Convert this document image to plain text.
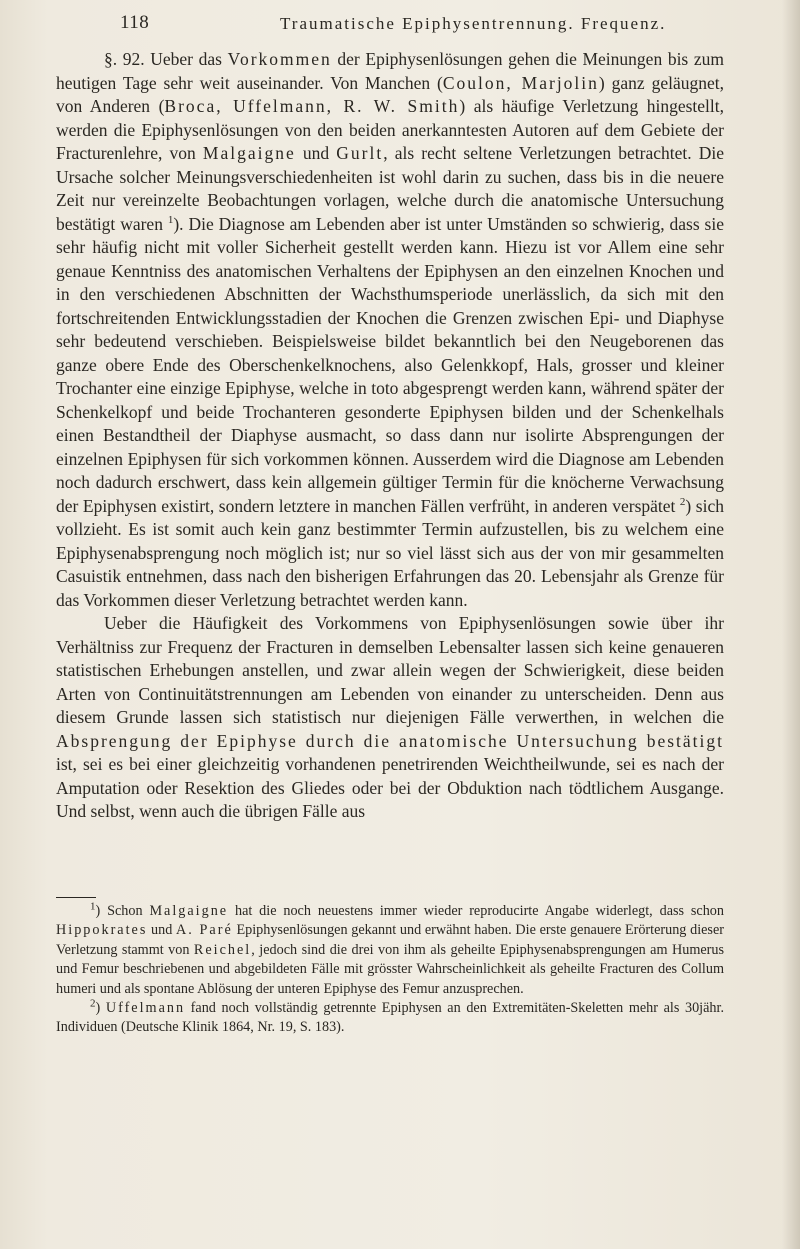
118	Traumatische Epiphysentrennung. Frequenz.

§. 92. Ueber das Vorkommen der Epiphysenlösungen gehen die Meinungen bis zum heutigen Tage sehr weit auseinander. Von Manchen (Coulon, Marjolin) ganz geläugnet, von Anderen (Broca, Uffelmann, R. W. Smith) als häufige Verletzung hingestellt, werden die Epiphysenlösungen von den beiden anerkanntesten Autoren auf dem Gebiete der Fracturenlehre, von Malgaigne und Gurlt, als recht seltene Verletzungen betrachtet. Die Ursache solcher Meinungsverschiedenheiten ist wohl darin zu suchen, dass bis in die neuere Zeit nur vereinzelte Beobachtungen vorlagen, welche durch die anatomische Untersuchung bestätigt waren $^1$). Die Diagnose am Lebenden aber ist unter Umständen so schwierig, dass sie sehr häufig nicht mit voller Sicherheit gestellt werden kann. Hiezu ist vor Allem eine sehr genaue Kenntniss des anatomischen Verhaltens der Epiphysen an den einzelnen Knochen und in den verschiedenen Abschnitten der Wachsthumsperiode unerlässlich, da sich mit den fortschreitenden Entwicklungsstadien der Knochen die Grenzen zwischen Epi- und Diaphyse sehr bedeutend verschieben. Beispielsweise bildet bekanntlich bei den Neugeborenen das ganze obere Ende des Oberschenkelknochens, also Gelenkkopf, Hals, grosser und kleiner Trochanter eine einzige Epiphyse, welche in toto abgesprengt werden kann, während später der Schenkelkopf und beide Trochanteren gesonderte Epiphysen bilden und der Schenkelhals einen Bestandtheil der Diaphyse ausmacht, so dass dann nur isolirte Absprengungen der einzelnen Epiphysen für sich vorkommen können. Ausserdem wird die Diagnose am Lebenden noch dadurch erschwert, dass kein allgemein gültiger Termin für die knöcherne Verwachsung der Epiphysen existirt, sondern letztere in manchen Fällen verfrüht, in anderen verspätet $^2$) sich vollzieht. Es ist somit auch kein ganz bestimmter Termin aufzustellen, bis zu welchem eine Epiphysenabsprengung noch möglich ist; nur so viel lässt sich aus der von mir gesammelten Casuistik entnehmen, dass nach den bisherigen Erfahrungen das 20. Lebensjahr als Grenze für das Vorkommen dieser Verletzung betrachtet werden kann.

Ueber die Häufigkeit des Vorkommens von Epiphysenlösungen sowie über ihr Verhältniss zur Frequenz der Fracturen in demselben Lebensalter lassen sich keine genaueren statistischen Erhebungen anstellen, und zwar allein wegen der Schwierigkeit, diese beiden Arten von Continuitätstrennungen am Lebenden von einander zu unterscheiden. Denn aus diesem Grunde lassen sich statistisch nur diejenigen Fälle verwerthen, in welchen die Absprengung der Epiphyse durch die anatomische Untersuchung bestätigt ist, sei es bei einer gleichzeitig vorhandenen penetrirenden Weichtheilwunde, sei es nach der Amputation oder Resektion des Gliedes oder bei der Obduktion nach tödtlichem Ausgange. Und selbst, wenn auch die übrigen Fälle aus

$^1$) Schon Malgaigne hat die noch neuestens immer wieder reproducirte Angabe widerlegt, dass schon Hippokrates und A. Paré Epiphysenlösungen gekannt und erwähnt haben. Die erste genauere Erörterung dieser Verletzung stammt von Reichel, jedoch sind die drei von ihm als geheilte Epiphysenabsprengungen am Humerus und Femur beschriebenen und abgebildeten Fälle mit grösster Wahrscheinlichkeit als geheilte Fracturen des Collum humeri und als spontane Ablösung der unteren Epiphyse des Femur anzusprechen.

$^2$) Uffelmann fand noch vollständig getrennte Epiphysen an den Extremitäten-Skeletten mehr als 30jähr. Individuen (Deutsche Klinik 1864, Nr. 19, S. 183).
